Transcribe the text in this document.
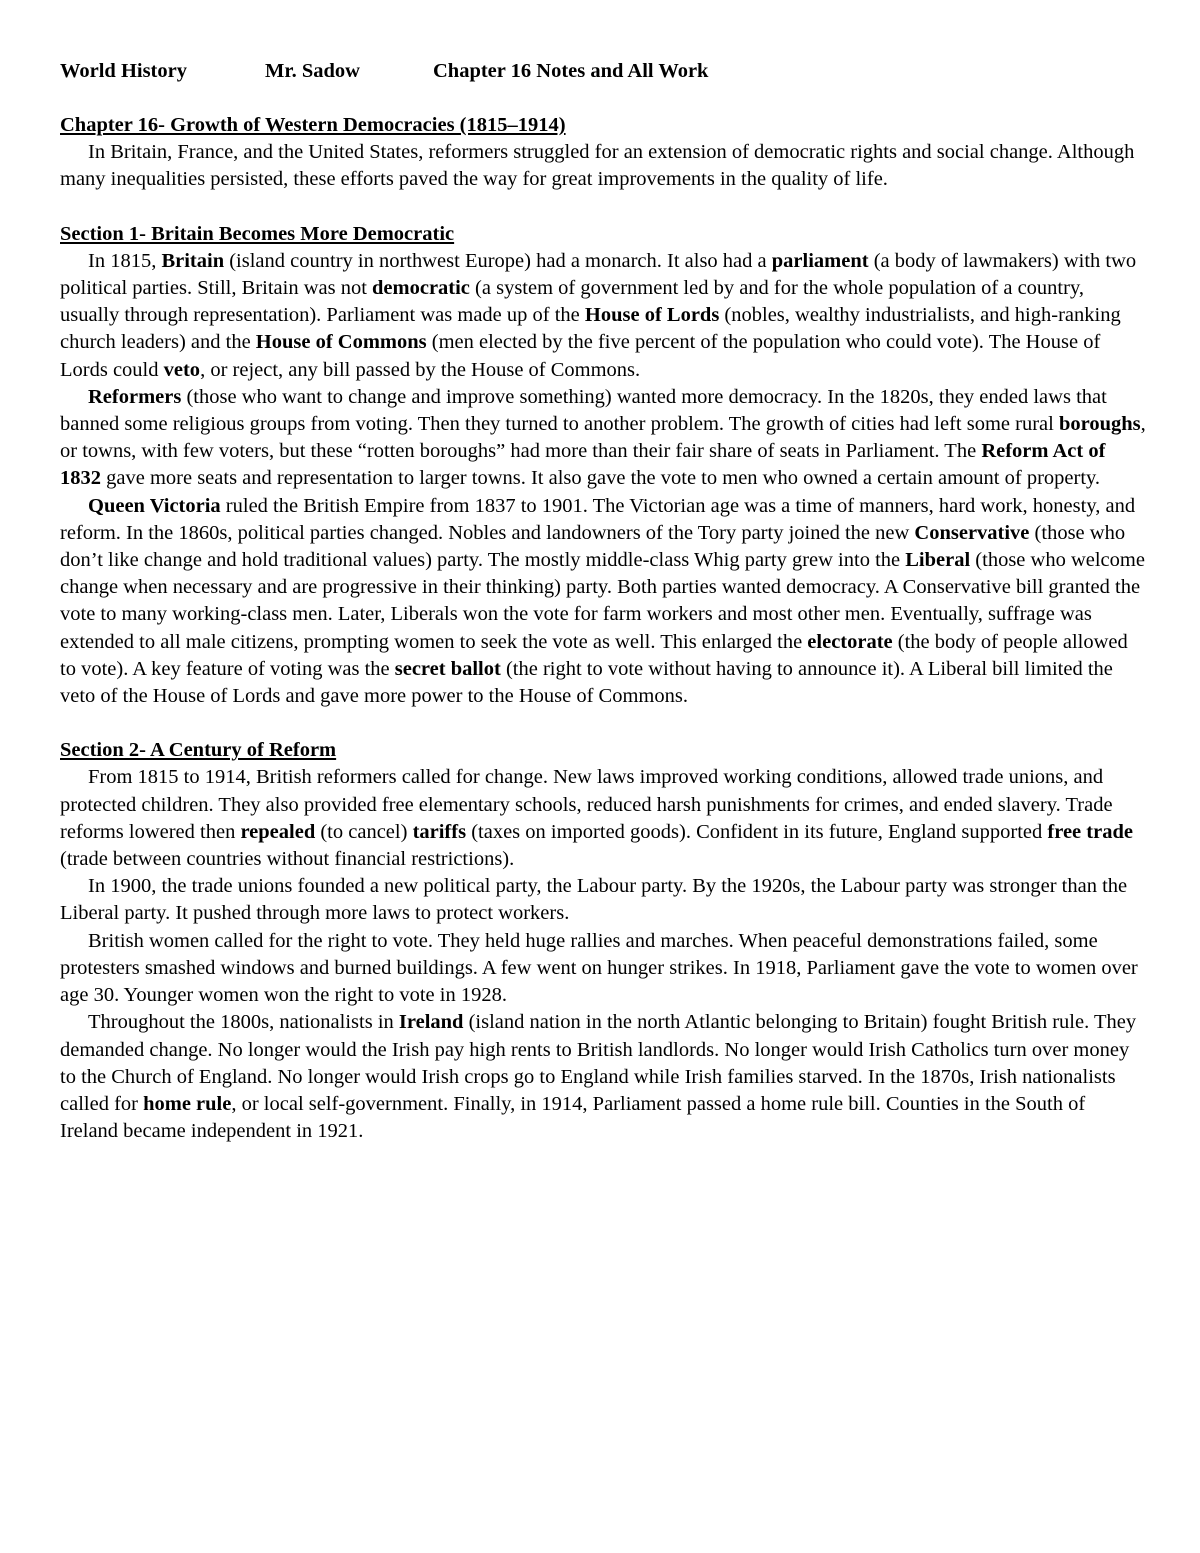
World History	Mr. Sadow	Chapter 16 Notes and All Work
Chapter 16- Growth of Western Democracies (1815–1914)

In Britain, France, and the United States, reformers struggled for an extension of democratic rights and social change. Although many inequalities persisted, these efforts paved the way for great improvements in the quality of life.

Section 1- Britain Becomes More Democratic

In 1815, Britain (island country in northwest Europe) had a monarch. It also had a parliament (a body of lawmakers) with two political parties. Still, Britain was not democratic (a system of government led by and for the whole population of a country, usually through representation). Parliament was made up of the House of Lords (nobles, wealthy industrialists, and high-ranking church leaders) and the House of Commons (men elected by the five percent of the population who could vote). The House of Lords could veto, or reject, any bill passed by the House of Commons.

Reformers (those who want to change and improve something) wanted more democracy. In the 1820s, they ended laws that banned some religious groups from voting. Then they turned to another problem. The growth of cities had left some rural boroughs, or towns, with few voters, but these “rotten boroughs” had more than their fair share of seats in Parliament. The Reform Act of 1832 gave more seats and representation to larger towns. It also gave the vote to men who owned a certain amount of property.

Queen Victoria ruled the British Empire from 1837 to 1901. The Victorian age was a time of manners, hard work, honesty, and reform. In the 1860s, political parties changed. Nobles and landowners of the Tory party joined the new Conservative (those who don’t like change and hold traditional values) party. The mostly middle-class Whig party grew into the Liberal (those who welcome change when necessary and are progressive in their thinking) party. Both parties wanted democracy. A Conservative bill granted the vote to many working-class men. Later, Liberals won the vote for farm workers and most other men. Eventually, suffrage was extended to all male citizens, prompting women to seek the vote as well. This enlarged the electorate (the body of people allowed to vote). A key feature of voting was the secret ballot (the right to vote without having to announce it). A Liberal bill limited the veto of the House of Lords and gave more power to the House of Commons.

Section 2- A Century of Reform

From 1815 to 1914, British reformers called for change. New laws improved working conditions, allowed trade unions, and protected children. They also provided free elementary schools, reduced harsh punishments for crimes, and ended slavery. Trade reforms lowered then repealed (to cancel) tariffs (taxes on imported goods). Confident in its future, England supported free trade (trade between countries without financial restrictions).

In 1900, the trade unions founded a new political party, the Labour party. By the 1920s, the Labour party was stronger than the Liberal party. It pushed through more laws to protect workers.

British women called for the right to vote. They held huge rallies and marches. When peaceful demonstrations failed, some protesters smashed windows and burned buildings. A few went on hunger strikes. In 1918, Parliament gave the vote to women over age 30. Younger women won the right to vote in 1928.

Throughout the 1800s, nationalists in Ireland (island nation in the north Atlantic belonging to Britain) fought British rule. They demanded change. No longer would the Irish pay high rents to British landlords. No longer would Irish Catholics turn over money to the Church of England. No longer would Irish crops go to England while Irish families starved. In the 1870s, Irish nationalists called for home rule, or local self-government. Finally, in 1914, Parliament passed a home rule bill. Counties in the South of Ireland became independent in 1921.
